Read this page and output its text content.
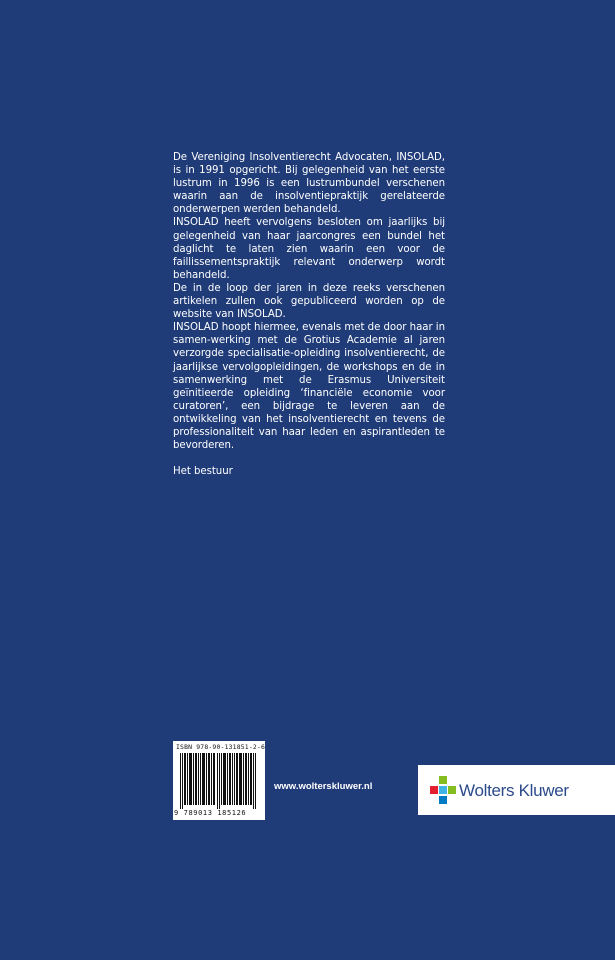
De Vereniging Insolventierecht Advocaten, INSOLAD, is in 1991 opgericht. Bij gelegenheid van het eerste lustrum in 1996 is een lustrumbundel verschenen waarin aan de insolventiepraktijk gerelateerde onderwerpen werden behandeld.

INSOLAD heeft vervolgens besloten om jaarlijks bij gelegenheid van haar jaarcongres een bundel het daglicht te laten zien waarin een voor de faillissementspraktijk relevant onderwerp wordt behandeld.

De in de loop der jaren in deze reeks verschenen artikelen zullen ook gepubliceerd worden op de website van INSOLAD.

INSOLAD hoopt hiermee, evenals met de door haar in samen-werking met de Grotius Academie al jaren verzorgde specialisatie-opleiding insolventierecht, de jaarlijkse vervolgopleidingen, de workshops en de in samenwerking met de Erasmus Universiteit geïnitieerde opleiding ‘financiële economie voor curatoren’, een bijdrage te leveren aan de ontwikkeling van het insolventierecht en tevens de professionaliteit van haar leden en aspirantleden te bevorderen.

Het bestuur

ISBN 978-90-131851-2-6
9 789013 185126
www.wolterskluwer.nl	Wolters Kluwer
